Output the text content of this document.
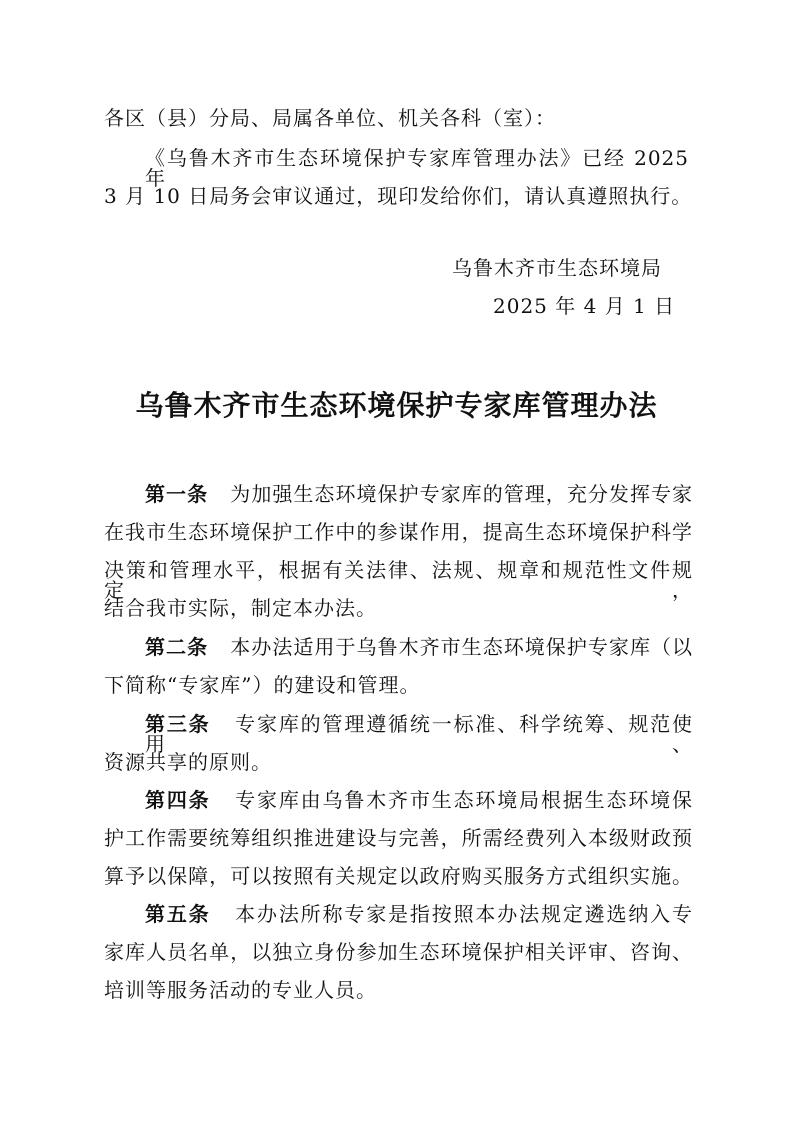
各区（县）分局、局属各单位、机关各科（室）：
《乌鲁木齐市生态环境保护专家库管理办法》已经 2025 年
3 月 10 日局务会审议通过，现印发给你们，请认真遵照执行。
乌鲁木齐市生态环境局
2025 年 4 月 1 日
乌鲁木齐市生态环境保护专家库管理办法
第一条 为加强生态环境保护专家库的管理，充分发挥专家
在我市生态环境保护工作中的参谋作用，提高生态环境保护科学
决策和管理水平，根据有关法律、法规、规章和规范性文件规定，
结合我市实际，制定本办法。
第二条 本办法适用于乌鲁木齐市生态环境保护专家库（以
下简称“专家库”）的建设和管理。
第三条 专家库的管理遵循统一标准、科学统筹、规范使用、
资源共享的原则。
第四条 专家库由乌鲁木齐市生态环境局根据生态环境保
护工作需要统筹组织推进建设与完善，所需经费列入本级财政预
算予以保障，可以按照有关规定以政府购买服务方式组织实施。
第五条 本办法所称专家是指按照本办法规定遴选纳入专
家库人员名单，以独立身份参加生态环境保护相关评审、咨询、
培训等服务活动的专业人员。
